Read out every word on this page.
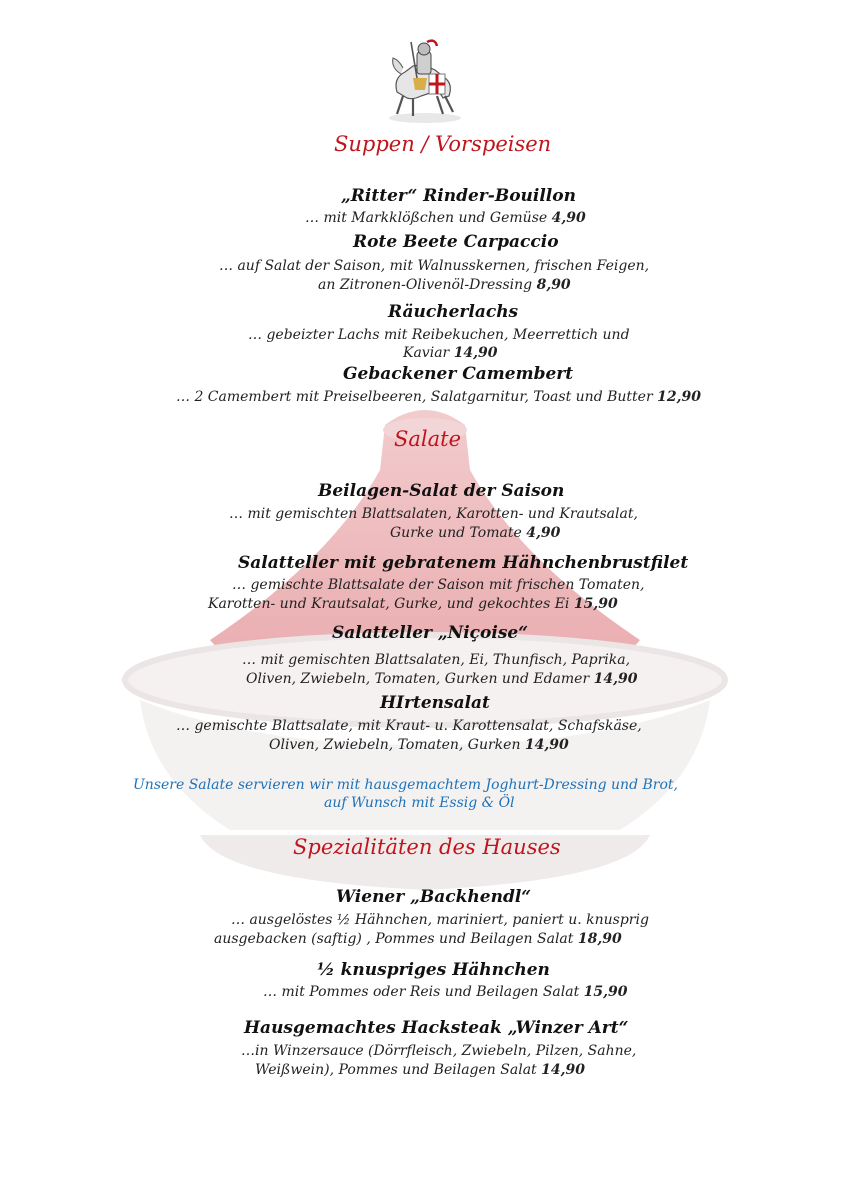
Suppen / Vorspeisen
„Ritter“ Rinder-Bouillon
… mit Markklößchen und Gemüse 4,90
Rote Beete Carpaccio
… auf Salat der Saison, mit Walnusskernen, frischen Feigen,
an Zitronen-Olivenöl-Dressing 8,90
Räucherlachs
… gebeizter Lachs mit Reibekuchen, Meerrettich und
Kaviar 14,90
Gebackener Camembert
… 2 Camembert mit Preiselbeeren, Salatgarnitur, Toast und Butter 12,90
Salate
Beilagen-Salat der Saison
… mit gemischten Blattsalaten, Karotten- und Krautsalat,
Gurke und Tomate 4,90
Salatteller mit gebratenem Hähnchenbrustfilet
… gemischte Blattsalate der Saison mit frischen Tomaten,
Karotten- und Krautsalat, Gurke, und gekochtes Ei 15,90
Salatteller „Niçoise“
… mit gemischten Blattsalaten, Ei, Thunfisch, Paprika,
Oliven, Zwiebeln, Tomaten, Gurken und Edamer 14,90
HIrtensalat
… gemischte Blattsalate, mit Kraut- u. Karottensalat, Schafskäse,
Oliven, Zwiebeln, Tomaten, Gurken 14,90
Unsere Salate servieren wir mit hausgemachtem Joghurt-Dressing und Brot,
auf Wunsch mit Essig & Öl
Spezialitäten des Hauses
Wiener „Backhendl“
… ausgelöstes ½ Hähnchen, mariniert, paniert u. knusprig
ausgebacken (saftig) , Pommes und Beilagen Salat 18,90
½ knuspriges Hähnchen
… mit Pommes oder Reis und Beilagen Salat 15,90
Hausgemachtes Hacksteak „Winzer Art“
…in Winzersauce (Dörrfleisch, Zwiebeln, Pilzen, Sahne,
Weißwein), Pommes und Beilagen Salat 14,90
